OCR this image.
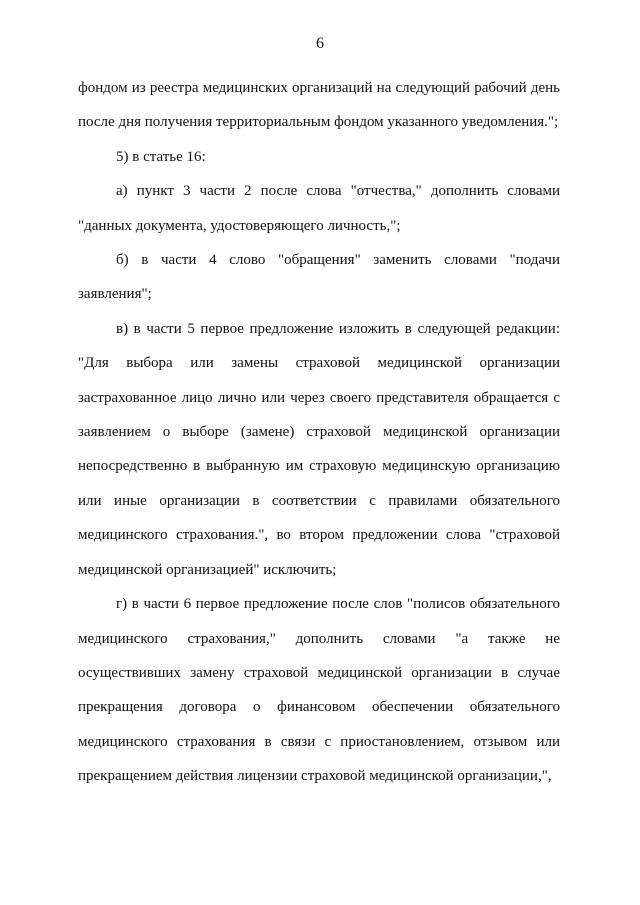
6

фондом из реестра медицинских организаций на следующий рабочий день после дня получения территориальным фондом указанного уведомления.";

5) в статье 16:

а) пункт 3 части 2 после слова "отчества," дополнить словами "данных документа, удостоверяющего личность,";

б) в части 4 слово "обращения" заменить словами "подачи заявления";

в) в части 5 первое предложение изложить в следующей редакции: "Для выбора или замены страховой медицинской организации застрахованное лицо лично или через своего представителя обращается с заявлением о выборе (замене) страховой медицинской организации непосредственно в выбранную им страховую медицинскую организацию или иные организации в соответствии с правилами обязательного медицинского страхования.", во втором предложении слова "страховой медицинской организацией" исключить;

г) в части 6 первое предложение после слов "полисов обязательного медицинского страхования," дополнить словами "а также не осуществивших замену страховой медицинской организации в случае прекращения договора о финансовом обеспечении обязательного медицинского страхования в связи с приостановлением, отзывом или прекращением действия лицензии страховой медицинской организации,",
